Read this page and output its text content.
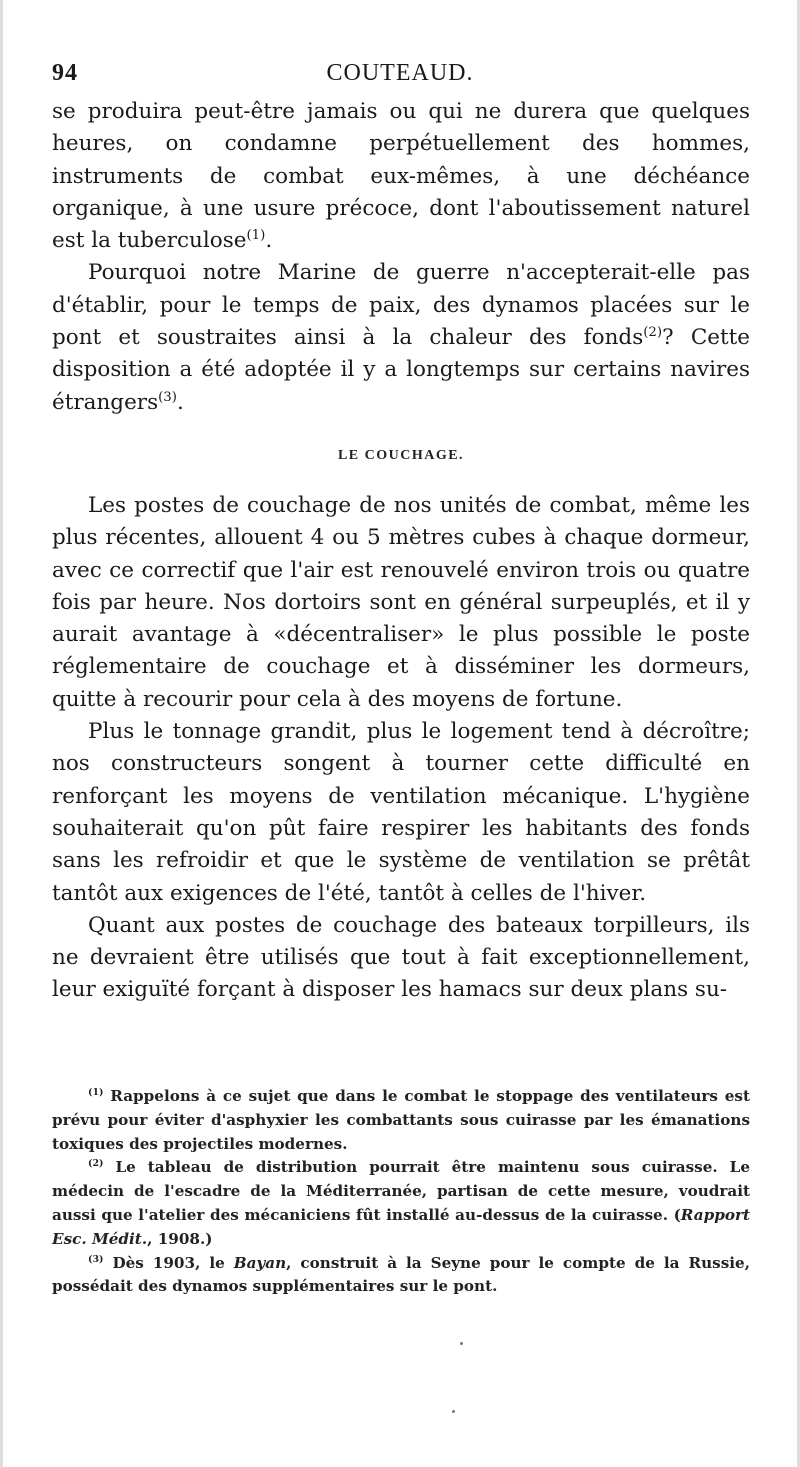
94	COUTEAUD.

se produira peut-être jamais ou qui ne durera que quelques heures, on condamne perpétuellement des hommes, instruments de combat eux-mêmes, à une déchéance organique, à une usure précoce, dont l'aboutissement naturel est la tuberculose$^{(1)}$.

Pourquoi notre Marine de guerre n'accepterait-elle pas d'établir, pour le temps de paix, des dynamos placées sur le pont et soustraites ainsi à la chaleur des fonds$^{(2)}$? Cette disposition a été adoptée il y a longtemps sur certains navires étrangers$^{(3)}$.

LE COUCHAGE.

Les postes de couchage de nos unités de combat, même les plus récentes, allouent 4 ou 5 mètres cubes à chaque dormeur, avec ce correctif que l'air est renouvelé environ trois ou quatre fois par heure. Nos dortoirs sont en général surpeuplés, et il y aurait avantage à «décentraliser» le plus possible le poste réglementaire de couchage et à disséminer les dormeurs, quitte à recourir pour cela à des moyens de fortune.

Plus le tonnage grandit, plus le logement tend à décroître; nos constructeurs songent à tourner cette difficulté en renforçant les moyens de ventilation mécanique. L'hygiène souhaiterait qu'on pût faire respirer les habitants des fonds sans les refroidir et que le système de ventilation se prêtât tantôt aux exigences de l'été, tantôt à celles de l'hiver.

Quant aux postes de couchage des bateaux torpilleurs, ils ne devraient être utilisés que tout à fait exceptionnellement, leur exiguïté forçant à disposer les hamacs sur deux plans su-

$^{(1)}$ Rappelons à ce sujet que dans le combat le stoppage des ventilateurs est prévu pour éviter d'asphyxier les combattants sous cuirasse par les émanations toxiques des projectiles modernes.

$^{(2)}$ Le tableau de distribution pourrait être maintenu sous cuirasse. Le médecin de l'escadre de la Méditerranée, partisan de cette mesure, voudrait aussi que l'atelier des mécaniciens fût installé au-dessus de la cuirasse. (Rapport Esc. Médit., 1908.)

$^{(3)}$ Dès 1903, le Bayan, construit à la Seyne pour le compte de la Russie, possédait des dynamos supplémentaires sur le pont.
